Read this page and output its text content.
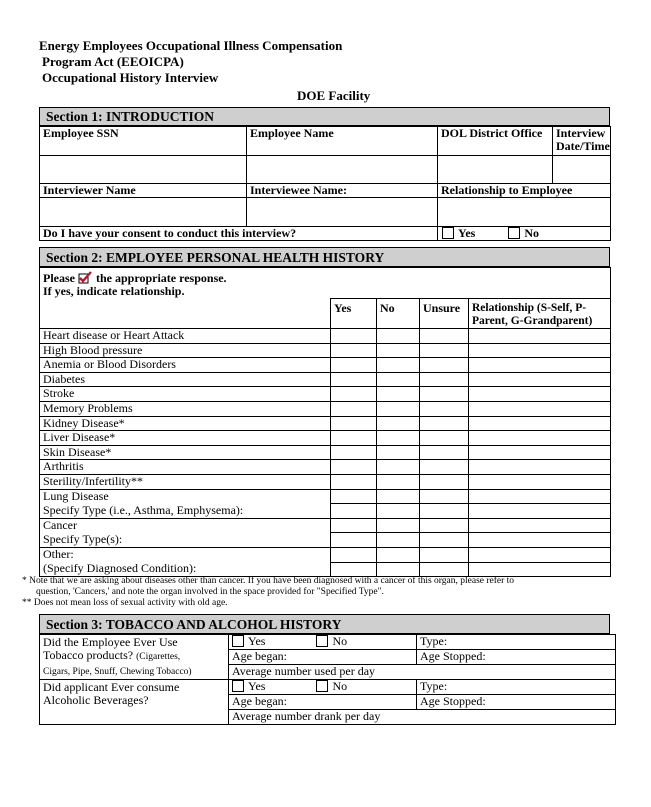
Energy Employees Occupational Illness Compensation
Program Act (EEOICPA)
Occupational History Interview
DOE Facility
Section 1: INTRODUCTION
Employee SSN	Employee Name	DOL District Office	Interview Date/Time

Interviewer Name	Interviewee Name:	Relationship to Employee	

Do I have your consent to conduct this interview?		Yes No	
Section 2: EMPLOYEE PERSONAL HEALTH HISTORY
Please the appropriate response.
If yes, indicate relationship.				
	Yes	No	Unsure	Relationship (S-Self, P-Parent, G-Grandparent)
Heart disease or Heart Attack				
High Blood pressure				
Anemia or Blood Disorders				
Diabetes				
Stroke				
Memory Problems				
Kidney Disease*				
Liver Disease*				
Skin Disease*				
Arthritis				
Sterility/Infertility**				
Lung Disease				
Specify Type (i.e., Asthma, Emphysema):				
Cancer				
Specify Type(s):				
Other:				
(Specify Diagnosed Condition):				
* Note that we are asking about diseases other than cancer. If you have been diagnosed with a cancer of this organ, please refer to
question, 'Cancers,' and note the organ involved in the space provided for "Specified Type".
** Does not mean loss of sexual activity with old age.
Section 3: TOBACCO AND ALCOHOL HISTORY
Did the Employee Ever Use
Tobacco products? (Cigarettes,
Cigars, Pipe, Snuff, Chewing Tobacco)	Yes No	Type:
	Age began:	Age Stopped:
	Average number used per day	
Did applicant Ever consume
Alcoholic Beverages?	Yes No	Type:
	Age began:	Age Stopped:
	Average number drank per day	
